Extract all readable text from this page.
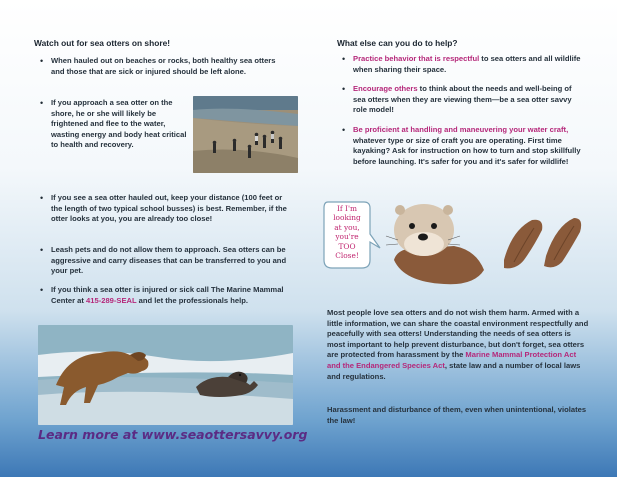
Watch out for sea otters on shore!

• When hauled out on beaches or rocks, both healthy sea otters and those that are sick or injured should be left alone.

• If you approach a sea otter on the shore, he or she will likely be frightened and flee to the water, wasting energy and body heat critical to health and recovery.

• If you see a sea otter hauled out, keep your distance (100 feet or the length of two typical school busses) is best. Remember, if the otter looks at you, you are already too close!

• Leash pets and do not allow them to approach. Sea otters can be aggressive and carry diseases that can be transferred to you and your pet.

• If you think a sea otter is injured or sick call The Marine Mammal Center at 415-289-SEAL and let the professionals help.

Learn more at www.seaottersavvy.org
What else can you do to help?

• Practice behavior that is respectful to sea otters and all wildlife when sharing their space.

• Encourage others to think about the needs and well-being of sea otters when they are viewing them—be a sea otter savvy role model!

• Be proficient at handling and maneuvering your water craft, whatever type or size of craft you are operating. First time kayaking? Ask for instruction on how to turn and stop skillfully before launching. It's safer for you and it's safer for wildlife!

If I'm
looking
at you,
you're
TOO
Close!

Most people love sea otters and do not wish them harm. Armed with a little information, we can share the coastal environment respectfully and peacefully with sea otters! Understanding the needs of sea otters is most important to help prevent disturbance, but don't forget, sea otters are protected from harassment by the Marine Mammal Protection Act and the Endangered Species Act, state law and a number of local laws and regulations.

Harassment and disturbance of them, even when unintentional, violates the law!
